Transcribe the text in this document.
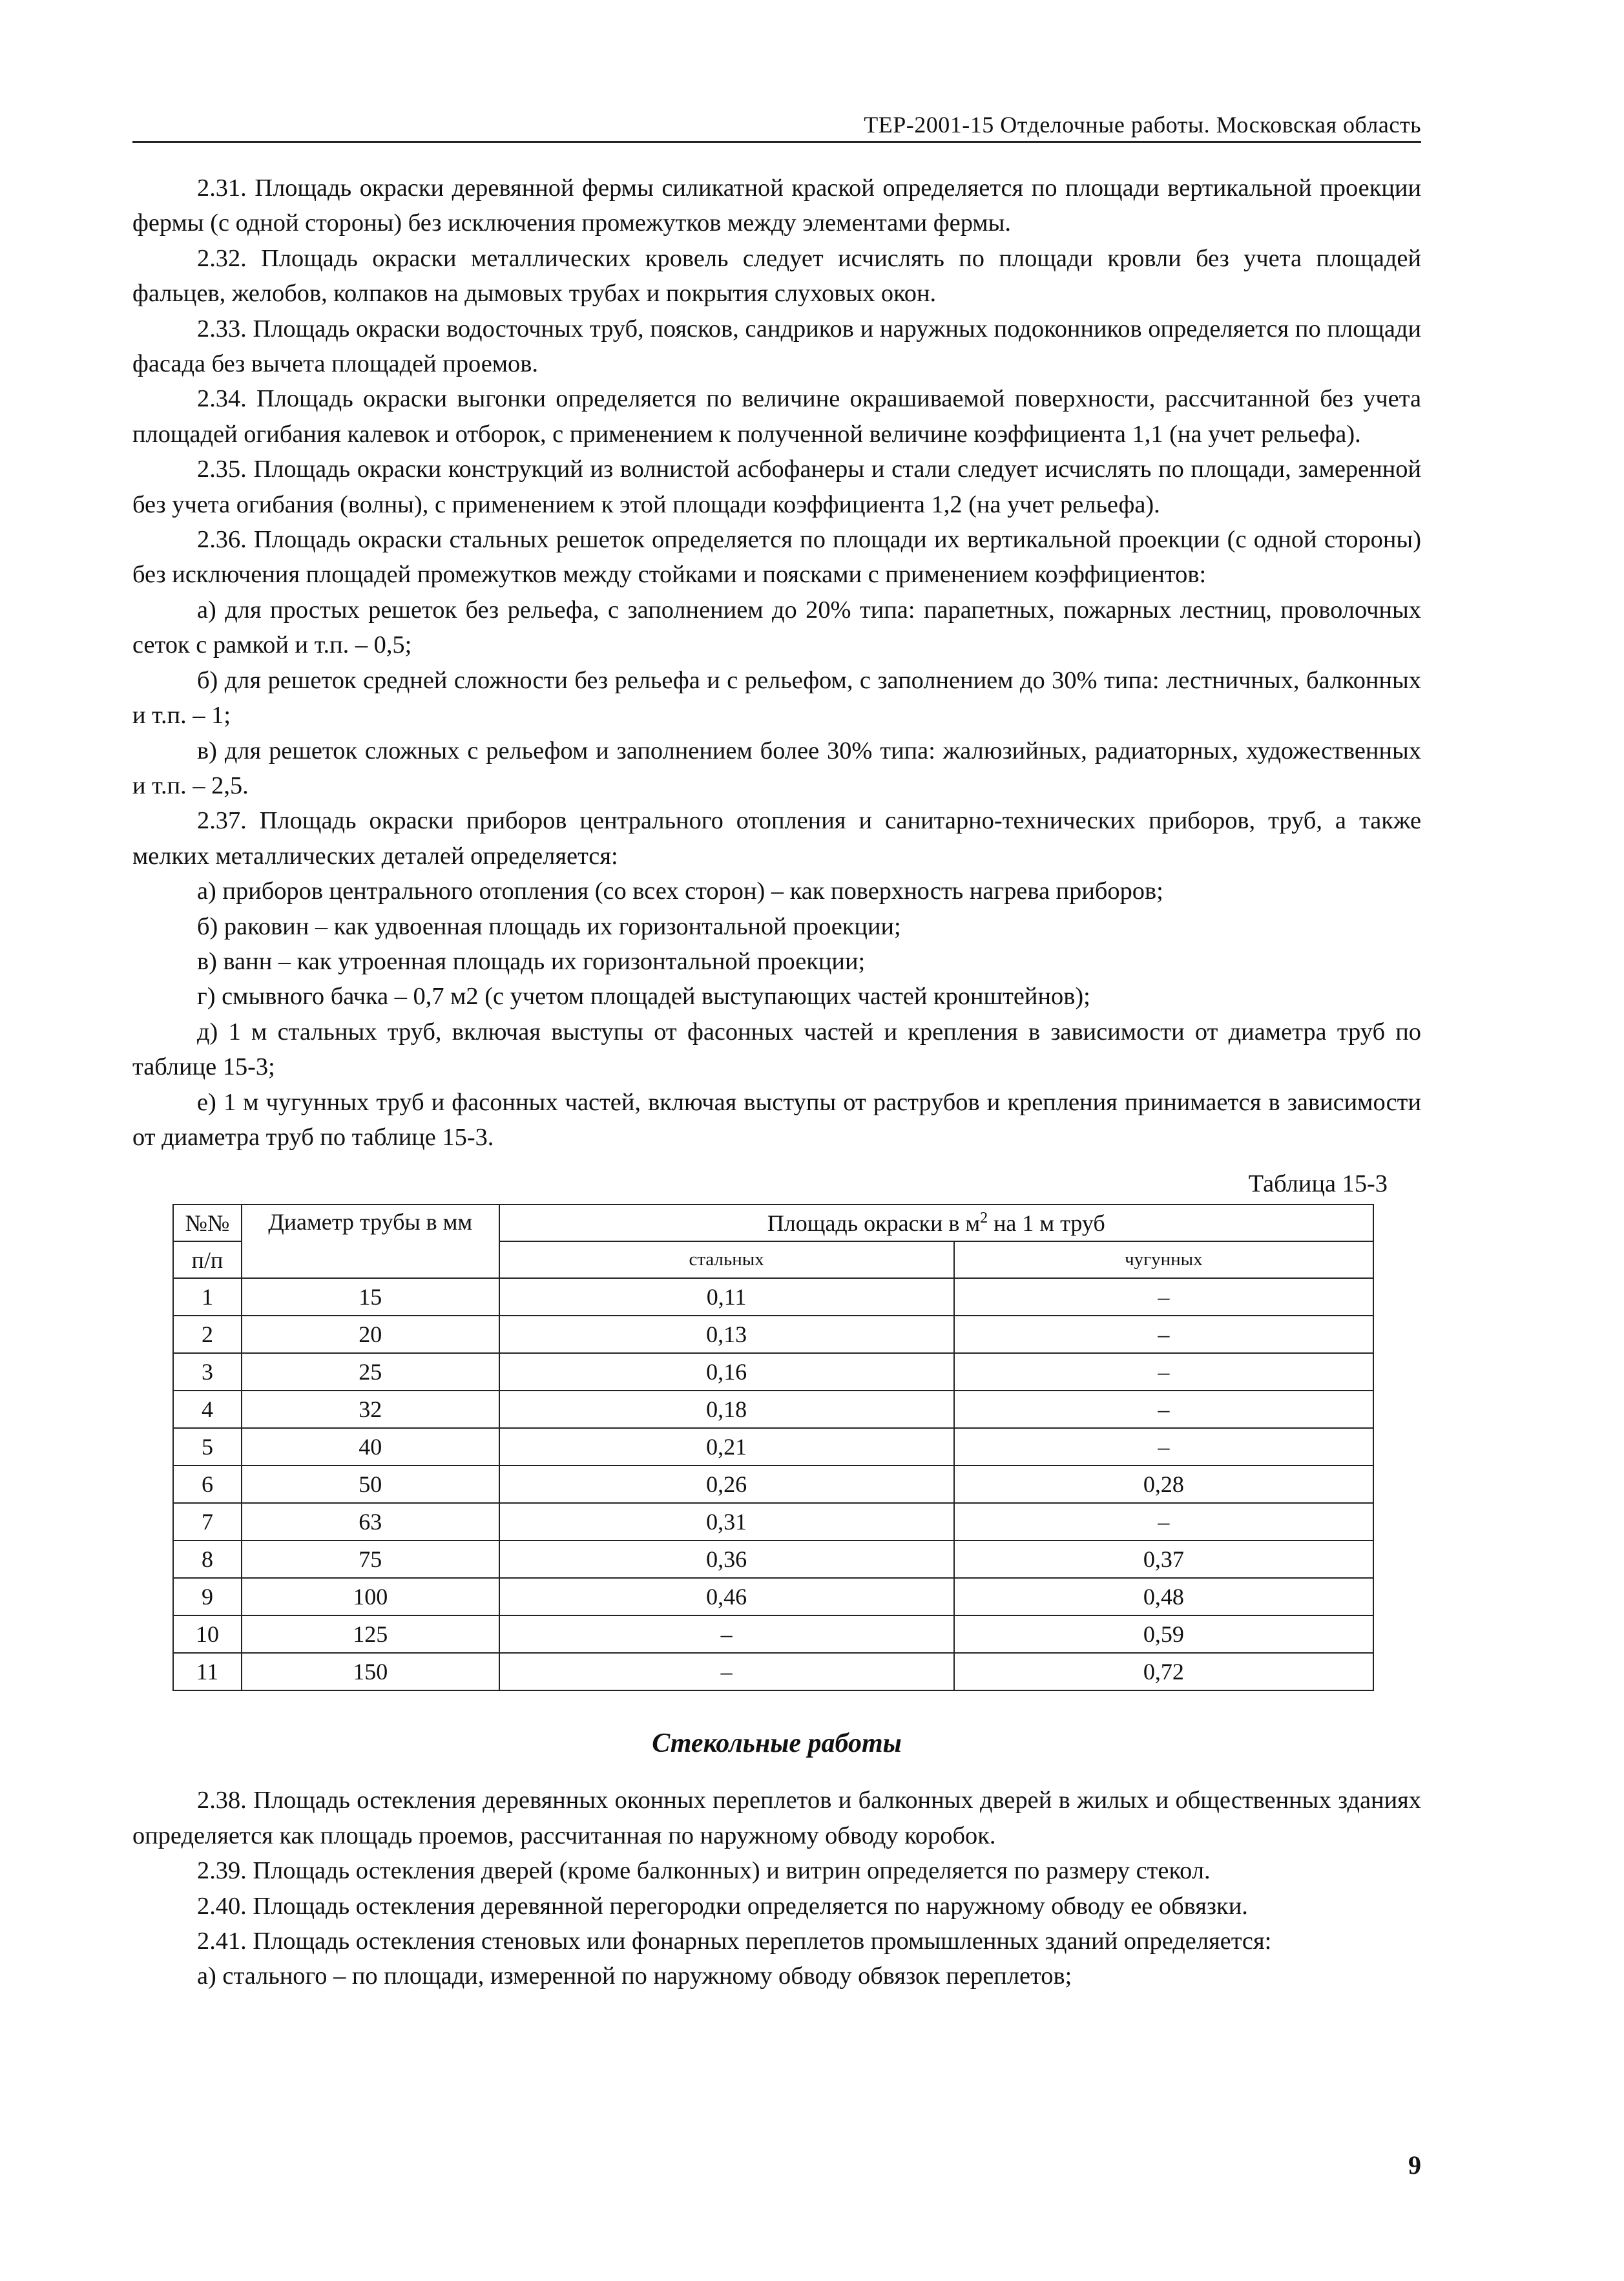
ТЕР-2001-15 Отделочные работы. Московская область

2.31. Площадь окраски деревянной фермы силикатной краской определяется по площади вертикальной проекции фермы (с одной стороны) без исключения промежутков между элементами фермы.

2.32. Площадь окраски металлических кровель следует исчислять по площади кровли без учета площадей фальцев, желобов, колпаков на дымовых трубах и покрытия слуховых окон.

2.33. Площадь окраски водосточных труб, поясков, сандриков и наружных подоконников определяется по площади фасада без вычета площадей проемов.

2.34. Площадь окраски выгонки определяется по величине окрашиваемой поверхности, рассчитанной без учета площадей огибания калевок и отборок, с применением к полученной величине коэффициента 1,1 (на учет рельефа).

2.35. Площадь окраски конструкций из волнистой асбофанеры и стали следует исчислять по площади, замеренной без учета огибания (волны), с применением к этой площади коэффициента 1,2 (на учет рельефа).

2.36. Площадь окраски стальных решеток определяется по площади их вертикальной проекции (с одной стороны) без исключения площадей промежутков между стойками и поясками с применением коэффициентов:

а) для простых решеток без рельефа, с заполнением до 20% типа: парапетных, пожарных лестниц, проволочных сеток с рамкой и т.п. – 0,5;

б) для решеток средней сложности без рельефа и с рельефом, с заполнением до 30% типа: лестничных, балконных и т.п. – 1;

в) для решеток сложных с рельефом и заполнением более 30% типа: жалюзийных, радиаторных, художественных и т.п. – 2,5.

2.37. Площадь окраски приборов центрального отопления и санитарно-технических приборов, труб, а также мелких металлических деталей определяется:

а) приборов центрального отопления (со всех сторон) – как поверхность нагрева приборов;

б) раковин – как удвоенная площадь их горизонтальной проекции;

в) ванн – как утроенная площадь их горизонтальной проекции;

г) смывного бачка – 0,7 м2 (с учетом площадей выступающих частей кронштейнов);

д) 1 м стальных труб, включая выступы от фасонных частей и крепления в зависимости от диаметра труб по таблице 15-3;

е) 1 м чугунных труб и фасонных частей, включая выступы от раструбов и крепления принимается в зависимости от диаметра труб по таблице 15-3.

Таблица 15-3
№№	Диаметр трубы в мм	Площадь окраски в $м^2$ на 1 м труб	
п/п		стальных	чугунных
1	15	0,11	–
2	20	0,13	–
3	25	0,16	–
4	32	0,18	–
5	40	0,21	–
6	50	0,26	0,28
7	63	0,31	–
8	75	0,36	0,37
9	100	0,46	0,48
10	125	–	0,59
11	150	–	0,72
Стекольные работы

2.38. Площадь остекления деревянных оконных переплетов и балконных дверей в жилых и общественных зданиях определяется как площадь проемов, рассчитанная по наружному обводу коробок.

2.39. Площадь остекления дверей (кроме балконных) и витрин определяется по размеру стекол.

2.40. Площадь остекления деревянной перегородки определяется по наружному обводу ее обвязки.

2.41. Площадь остекления стеновых или фонарных переплетов промышленных зданий определяется:

а) стального – по площади, измеренной по наружному обводу обвязок переплетов;

9
